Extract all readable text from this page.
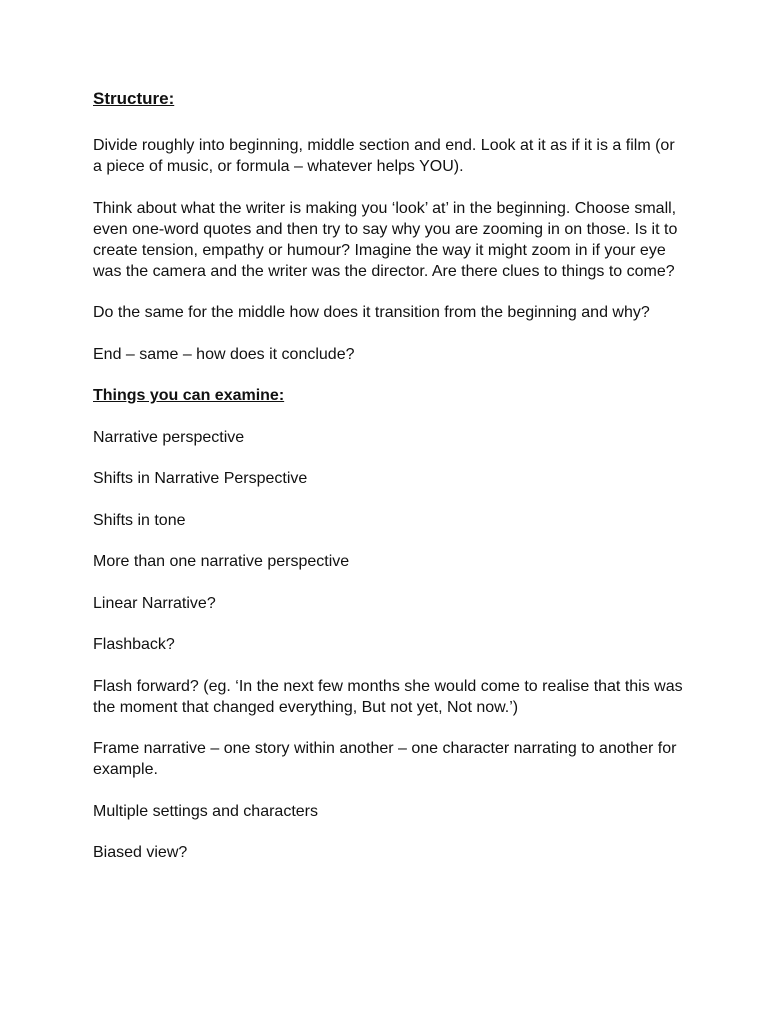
Structure:

Divide roughly into beginning, middle section and end. Look at it as if it is a film (or a piece of music, or formula – whatever helps YOU).

Think about what the writer is making you ‘look’ at’ in the beginning. Choose small, even one-word quotes and then try to say why you are zooming in on those. Is it to create tension, empathy or humour? Imagine the way it might zoom in if your eye was the camera and the writer was the director. Are there clues to things to come?

Do the same for the middle how does it transition from the beginning and why?

End – same – how does it conclude?

Things you can examine:

Narrative perspective

Shifts in Narrative Perspective

Shifts in tone

More than one narrative perspective

Linear Narrative?

Flashback?

Flash forward? (eg. ‘In the next few months she would come to realise that this was the moment that changed everything, But not yet, Not now.’)

Frame narrative – one story within another – one character narrating to another for example.

Multiple settings and characters

Biased view?
